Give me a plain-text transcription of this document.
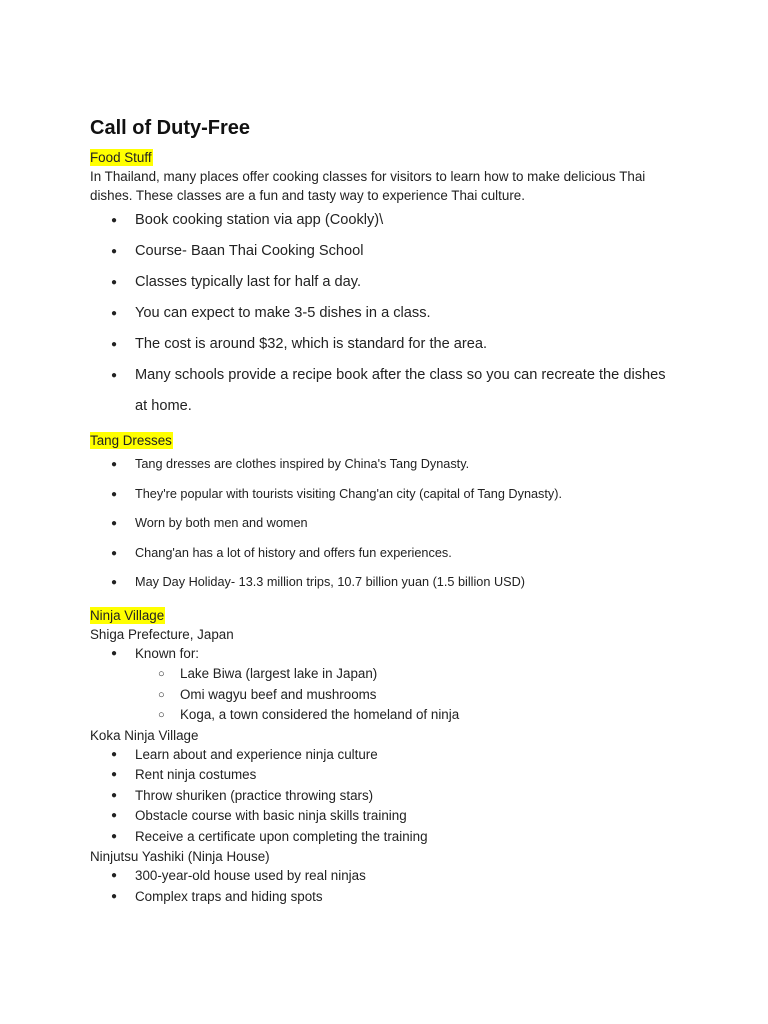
Call of Duty-Free
Food Stuff

In Thailand, many places offer cooking classes for visitors to learn how to make delicious Thai dishes. These classes are a fun and tasty way to experience Thai culture.

● Book cooking station via app (Cookly)\
● Course- Baan Thai Cooking School
● Classes typically last for half a day.
● You can expect to make 3-5 dishes in a class.
● The cost is around $32, which is standard for the area.
● Many schools provide a recipe book after the class so you can recreate the dishes at home.
Tang Dresses
● Tang dresses are clothes inspired by China's Tang Dynasty.
● They're popular with tourists visiting Chang'an city (capital of Tang Dynasty).
● Worn by both men and women
● Chang'an has a lot of history and offers fun experiences.
● May Day Holiday- 13.3 million trips, 10.7 billion yuan (1.5 billion USD)
Ninja Village

Shiga Prefecture, Japan

● Known for:
○ Lake Biwa (largest lake in Japan)
○ Omi wagyu beef and mushrooms
○ Koga, a town considered the homeland of ninja

Koka Ninja Village

● Learn about and experience ninja culture
● Rent ninja costumes
● Throw shuriken (practice throwing stars)
● Obstacle course with basic ninja skills training
● Receive a certificate upon completing the training

Ninjutsu Yashiki (Ninja House)

● 300-year-old house used by real ninjas
● Complex traps and hiding spots
